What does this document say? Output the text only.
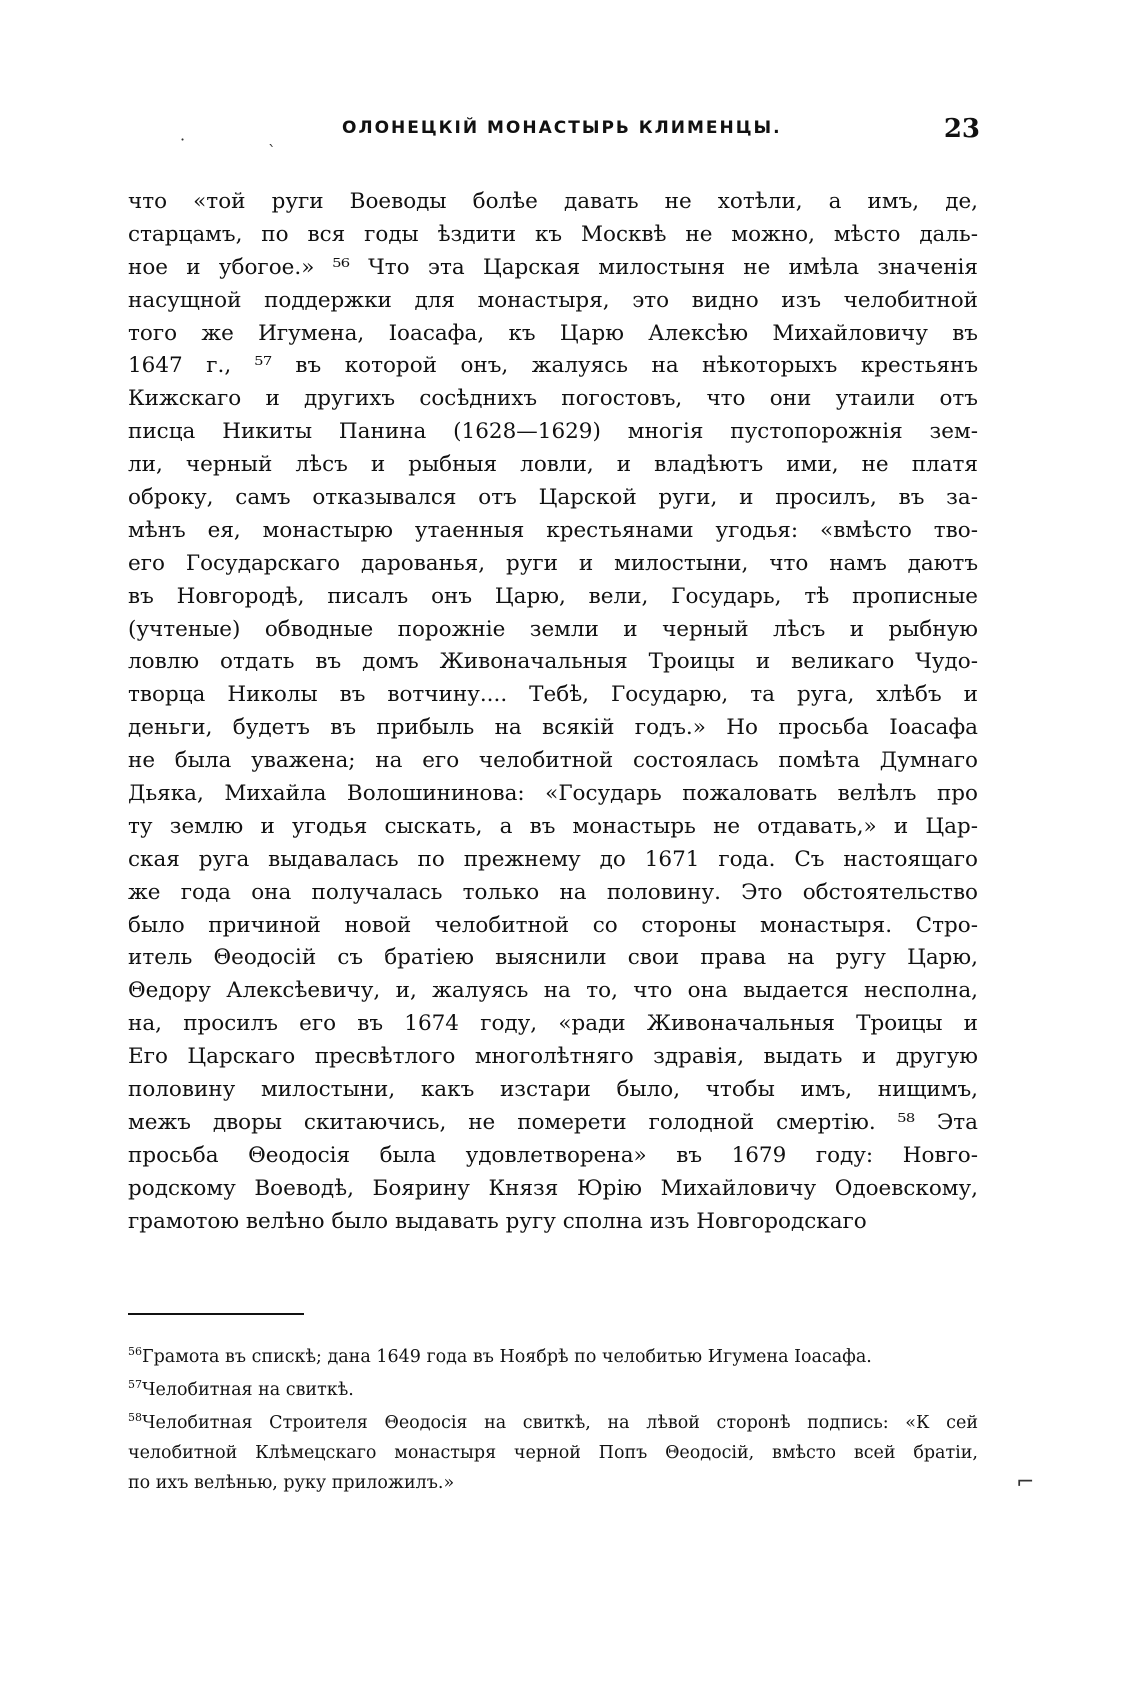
ОЛОНЕЦКІЙ МОНАСТЫРЬ КЛИМЕНЦЫ.	23
что «той руги Воеводы болѣе давать не хотѣли, а имъ, де,
старцамъ, по вся годы ѣздити къ Москвѣ не можно, мѣсто даль-
ное и убогое.» ⁵⁶ Что эта Царская милостыня не имѣла значенія
насущной поддержки для монастыря, это видно изъ челобитной
того же Игумена, Іоасафа, къ Царю Алексѣю Михайловичу въ
1647 г., ⁵⁷ въ которой онъ, жалуясь на нѣкоторыхъ крестьянъ
Кижскаго и другихъ сосѣднихъ погостовъ, что они утаили отъ
писца Никиты Панина (1628—1629) многія пустопорожнія зем-
ли, черный лѣсъ и рыбныя ловли, и владѣютъ ими, не платя
оброку, самъ отказывался отъ Царской руги, и просилъ, въ за-
мѣнъ ея, монастырю утаенныя крестьянами угодья: «вмѣсто тво-
его Государскаго дарованья, руги и милостыни, что намъ даютъ
въ Новгородѣ, писалъ онъ Царю, вели, Государь, тѣ прописные
(учтеные) обводные порожніе земли и черный лѣсъ и рыбную
ловлю отдать въ домъ Живоначальныя Троицы и великаго Чудо-
творца Николы въ вотчину.... Тебѣ, Государю, та руга, хлѣбъ и
деньги, будетъ въ прибыль на всякій годъ.» Но просьба Іоасафа
не была уважена; на его челобитной состоялась помѣта Думнаго
Дьяка, Михайла Волошининова: «Государь пожаловать велѣлъ про
ту землю и угодья сыскать, а въ монастырь не отдавать,» и Цар-
ская руга выдавалась по прежнему до 1671 года. Съ настоящаго
же года она получалась только на половину. Это обстоятельство
было причиной новой челобитной со стороны монастыря. Стро-
итель Θеодосій съ братіею выяснили свои права на ругу Царю,
Θедору Алексѣевичу, и, жалуясь на то, что она выдается несполна,
на, просилъ его въ 1674 году, «ради Живоначальныя Троицы и
Его Царскаго пресвѣтлого многолѣтняго здравія, выдать и другую
половину милостыни, какъ изстари было, чтобы имъ, нищимъ,
межъ дворы скитаючись, не померети голодной смертію. ⁵⁸ Эта
просьба Θеодосія была удовлетворена» въ 1679 году: Новго-
родскому Воеводѣ, Боярину Князя Юрію Михайловичу Одоевскому,
грамотою велѣно было выдавать ругу сполна изъ Новгородскаго
$^{56}$Грамота въ спискѣ; дана 1649 года въ Ноябрѣ по челобитью Игумена Іоасафа.
$^{57}$Челобитная на свиткѣ.
$^{58}$Челобитная Строителя Θеодосія на свиткѣ, на лѣвой сторонѣ подпись: «К сей
челобитной Клѣмецскаго монастыря черной Попъ Θеодосій, вмѣсто всей братіи,
по ихъ велѣнью, руку приложилъ.»
·
ˋ
⌐
